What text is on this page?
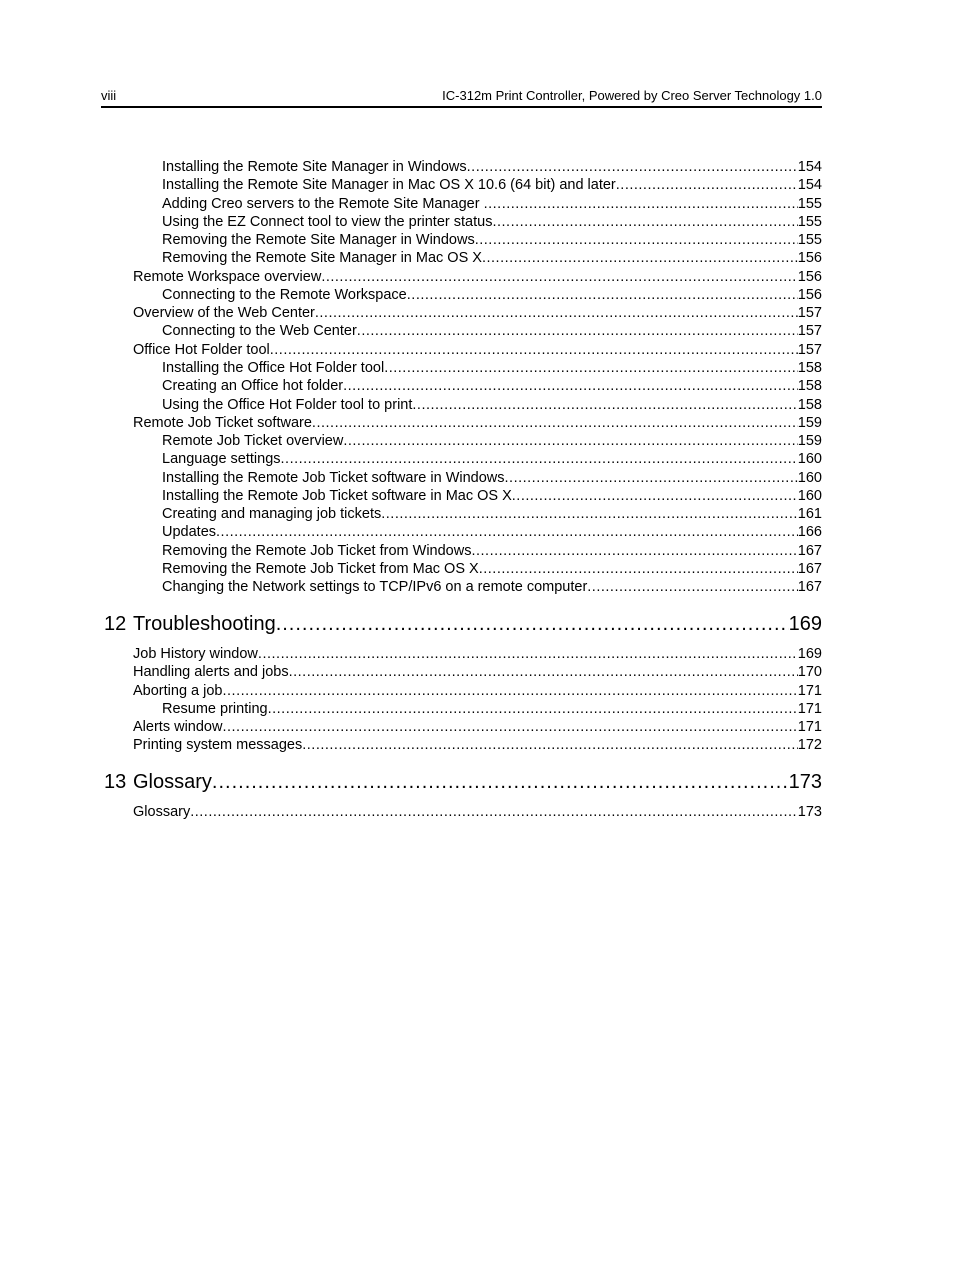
viii	IC-312m Print Controller, Powered by Creo Server Technology 1.0
Installing the Remote Site Manager in Windows .....	154
Installing the Remote Site Manager in Mac OS X 10.6 (64 bit) and later .....	154
Adding Creo servers to the Remote Site Manager .....	155
Using the EZ Connect tool to view the printer status .....	155
Removing the Remote Site Manager in Windows .....	155
Removing the Remote Site Manager in Mac OS X .....	156
Remote Workspace overview .....	156
Connecting to the Remote Workspace .....	156
Overview of the Web Center .....	157
Connecting to the Web Center .....	157
Office Hot Folder tool .....	157
Installing the Office Hot Folder tool .....	158
Creating an Office hot folder .....	158
Using the Office Hot Folder tool to print .....	158
Remote Job Ticket software .....	159
Remote Job Ticket overview .....	159
Language settings .....	160
Installing the Remote Job Ticket software in Windows .....	160
Installing the Remote Job Ticket software in Mac OS X .....	160
Creating and managing job tickets .....	161
Updates .....	166
Removing the Remote Job Ticket from Windows .....	167
Removing the Remote Job Ticket from Mac OS X .....	167
Changing the Network settings to TCP/IPv6 on a remote computer .....	167
12 Troubleshooting .....	169
Job History window .....	169
Handling alerts and jobs .....	170
Aborting a job .....	171
Resume printing .....	171
Alerts window .....	171
Printing system messages .....	172
13 Glossary .....	173
Glossary .....	173
